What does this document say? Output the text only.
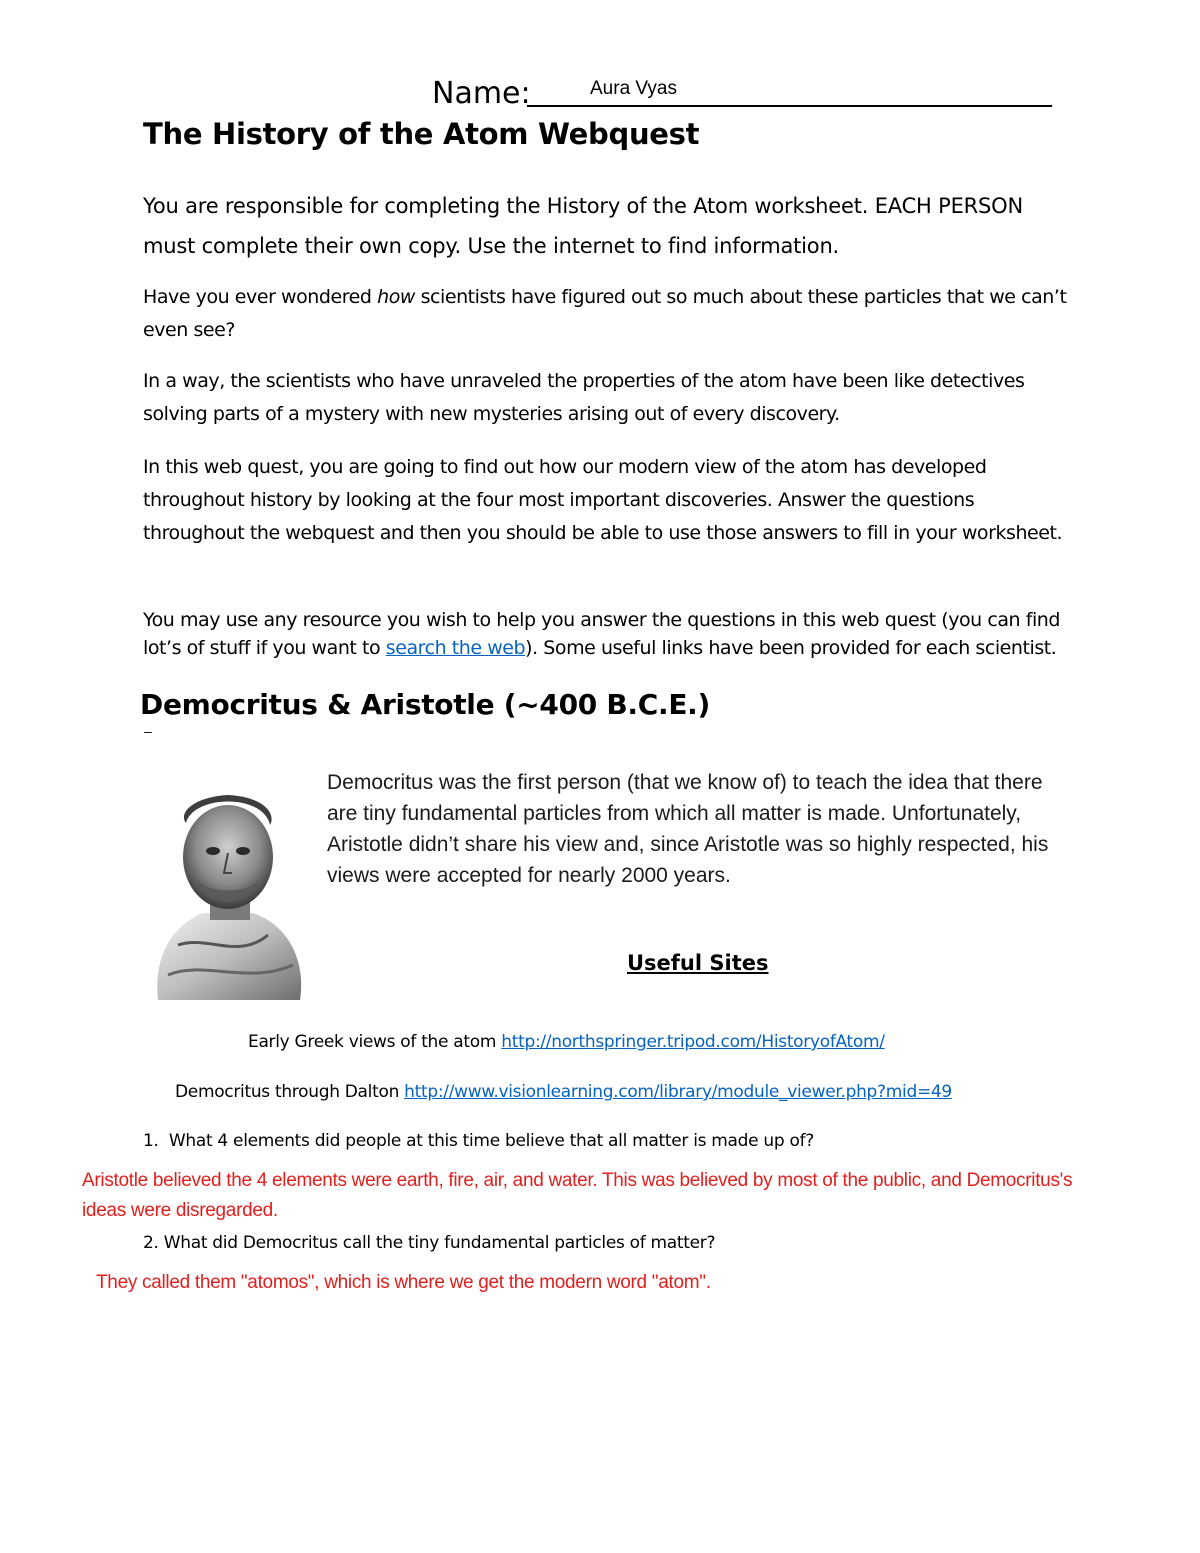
Name:	Aura Vyas
The History of the Atom Webquest
You are responsible for completing the History of the Atom worksheet. EACH PERSON must complete their own copy. Use the internet to find information.
Have you ever wondered how scientists have figured out so much about these particles that we can’t even see?
In a way, the scientists who have unraveled the properties of the atom have been like detectives solving parts of a mystery with new mysteries arising out of every discovery.
In this web quest, you are going to find out how our modern view of the atom has developed throughout history by looking at the four most important discoveries. Answer the questions throughout the webquest and then you should be able to use those answers to fill in your worksheet.
You may use any resource you wish to help you answer the questions in this web quest (you can find lot’s of stuff if you want to search the web). Some useful links have been provided for each scientist.
Democritus & Aristotle (~400 B.C.E.)
–
Democritus was the first person (that we know of) to teach the idea that there are tiny fundamental particles from which all matter is made. Unfortunately, Aristotle didn’t share his view and, since Aristotle was so highly respected, his views were accepted for nearly 2000 years.
Useful Sites
Early Greek views of the atom http://northspringer.tripod.com/HistoryofAtom/
Democritus through Dalton http://www.visionlearning.com/library/module_viewer.php?mid=49
1. What 4 elements did people at this time believe that all matter is made up of?
Aristotle believed the 4 elements were earth, fire, air, and water. This was believed by most of the public, and Democritus's ideas were disregarded.
2. What did Democritus call the tiny fundamental particles of matter?
They called them "atomos", which is where we get the modern word "atom".
